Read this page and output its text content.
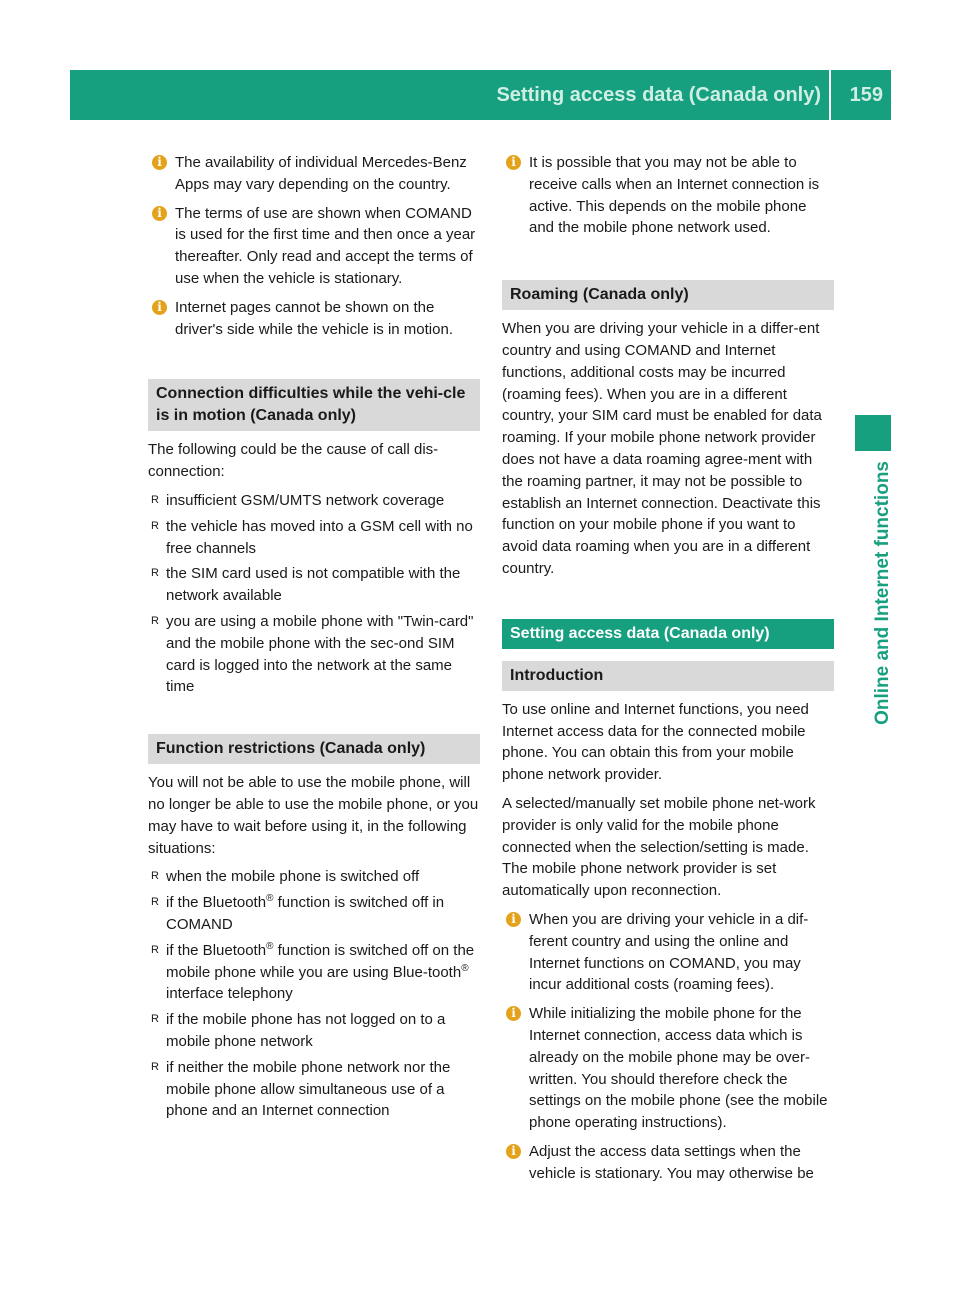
Setting access data (Canada only) 159
Online and Internet functions

i The availability of individual Mercedes-Benz Apps may vary depending on the country.

i The terms of use are shown when COMAND is used for the first time and then once a year thereafter. Only read and accept the terms of use when the vehicle is stationary.

i Internet pages cannot be shown on the driver's side while the vehicle is in motion.

Connection difficulties while the vehi-cle is in motion (Canada only)

The following could be the cause of call dis-connection:

R insufficient GSM/UMTS network coverage
R the vehicle has moved into a GSM cell with no free channels
R the SIM card used is not compatible with the network available
R you are using a mobile phone with "Twin-card" and the mobile phone with the sec-ond SIM card is logged into the network at the same time
Function restrictions (Canada only)

You will not be able to use the mobile phone, will no longer be able to use the mobile phone, or you may have to wait before using it, in the following situations:

R when the mobile phone is switched off
R if the Bluetooth® function is switched off in COMAND
R if the Bluetooth® function is switched off on the mobile phone while you are using Blue-tooth® interface telephony
R if the mobile phone has not logged on to a mobile phone network
R if neither the mobile phone network nor the mobile phone allow simultaneous use of a phone and an Internet connection

i It is possible that you may not be able to receive calls when an Internet connection is active. This depends on the mobile phone and the mobile phone network used.

Roaming (Canada only)

When you are driving your vehicle in a differ-ent country and using COMAND and Internet functions, additional costs may be incurred (roaming fees). When you are in a different country, your SIM card must be enabled for data roaming. If your mobile phone network provider does not have a data roaming agree-ment with the roaming partner, it may not be possible to establish an Internet connection. Deactivate this function on your mobile phone if you want to avoid data roaming when you are in a different country.

Setting access data (Canada only)
Introduction

To use online and Internet functions, you need Internet access data for the connected mobile phone. You can obtain this from your mobile phone network provider.

A selected/manually set mobile phone net-work provider is only valid for the mobile phone connected when the selection/setting is made. The mobile phone network provider is set automatically upon reconnection.

i When you are driving your vehicle in a dif-ferent country and using the online and Internet functions on COMAND, you may incur additional costs (roaming fees).

i While initializing the mobile phone for the Internet connection, access data which is already on the mobile phone may be over-written. You should therefore check the settings on the mobile phone (see the mobile phone operating instructions).

i Adjust the access data settings when the vehicle is stationary. You may otherwise be
